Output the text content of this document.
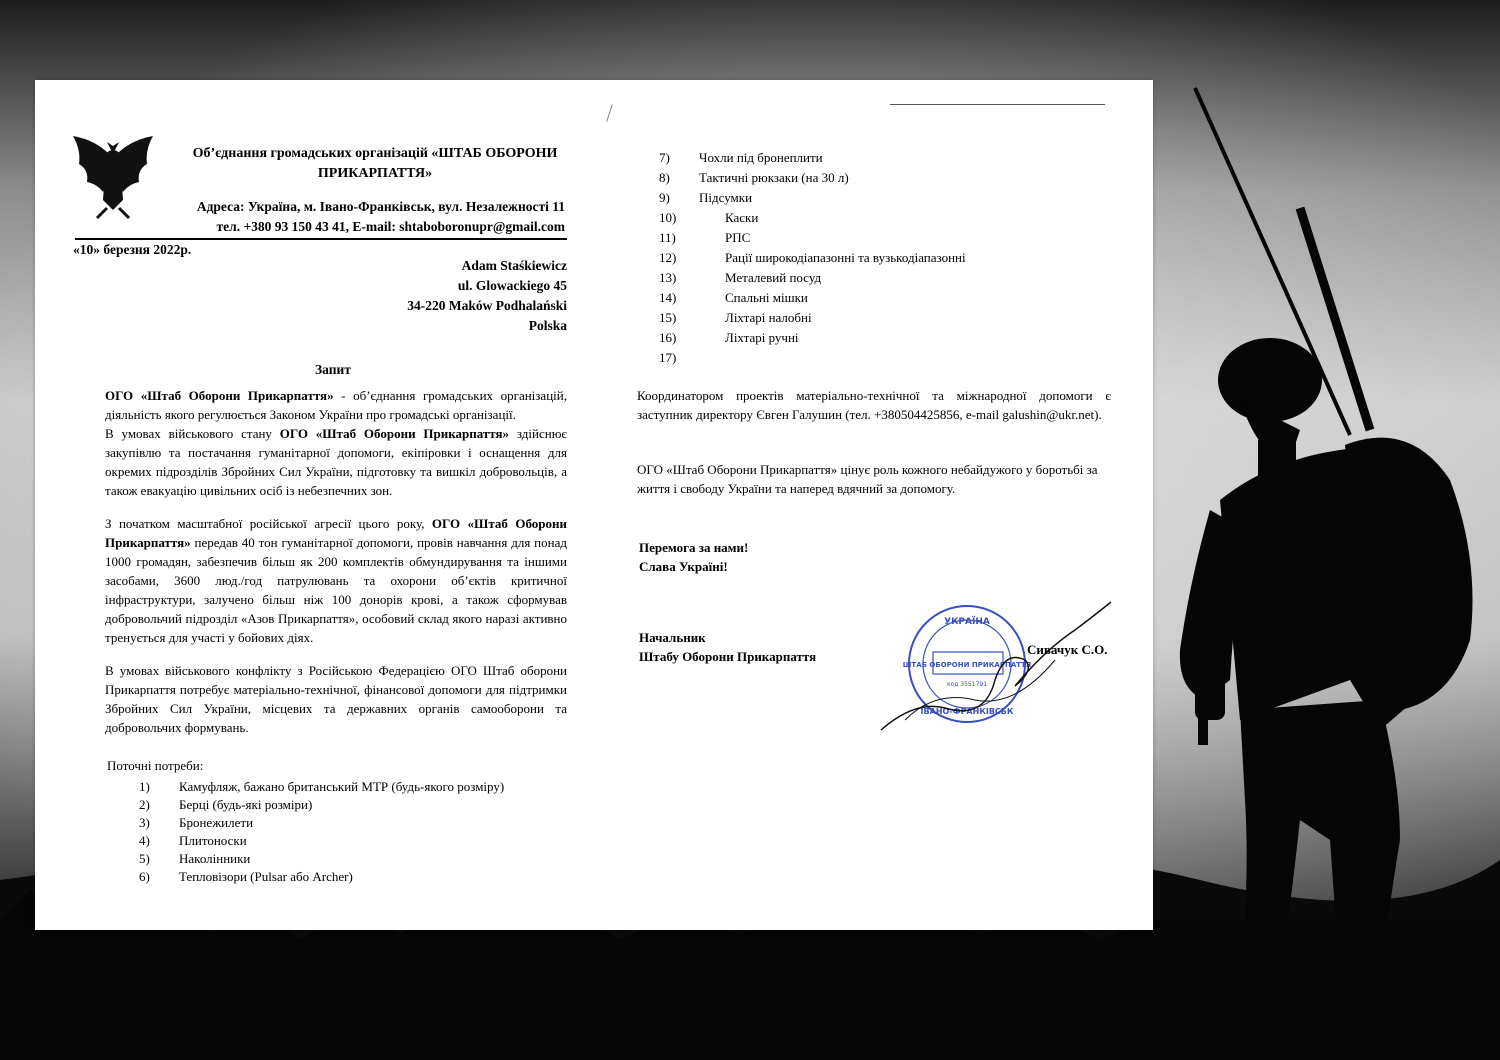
Об’єднання громадських організацій «ШТАБ ОБОРОНИ
ПРИКАРПАТТЯ»
Адреса: Україна, м. Івано-Франківськ, вул. Незалежності 11
тел. +380 93 150 43 41, E-mail: shtaboboronupr@gmail.com
«10» березня 2022р.
Adam Staśkiewicz
ul. Glowackiego 45
34-220 Maków Podhalański
Polska
Запит

ОГО «Штаб Оборони Прикарпаття» - об’єднання громадських організацій, діяльність якого регулюється Законом України про громадські організації.
В умовах військового стану ОГО «Штаб Оборони Прикарпаття» здійснює закупівлю та постачання гуманітарної допомоги, екіпіровки і оснащення для окремих підрозділів Збройних Сил України, підготовку та вишкіл добровольців, а також евакуацію цивільних осіб із небезпечних зон.

З початком масштабної російської агресії цього року, ОГО «Штаб Оборони Прикарпаття» передав 40 тон гуманітарної допомоги, провів навчання для понад 1000 громадян, забезпечив більш як 200 комплектів обмундирування та іншими засобами, 3600 люд./год патрулювань та охорони об’єктів критичної інфраструктури, залучено більш ніж 100 донорів крові, а також сформував добровольчий підрозділ «Азов Прикарпаття», особовий склад якого наразі активно тренується для участі у бойових діях.

В умовах військового конфлікту з Російською Федерацією ОГО Штаб оборони Прикарпаття потребує матеріально-технічної, фінансової допомоги для підтримки Збройних Сил України, місцевих та державних органів самооборони та добровольчих формувань.

Поточні потреби:
1) Камуфляж, бажано британський МТР (будь-якого розміру)
2) Берці (будь-які розміри)
3) Бронежилети
4) Плитоноски
5) Наколінники
6) Тепловізори (Pulsar або Archer)
7) Чохли під бронеплити
8) Тактичні рюкзаки (на 30 л)
9) Підсумки
10)	Каски
11)	РПС
12)	Рації широкодіапазонні та вузькодіапазонні
13)	Металевий посуд
14)	Спальні мішки
15)	Ліхтарі налобні
16)	Ліхтарі ручні
17)
Координатором проектів матеріально-технічної та міжнародної допомоги є заступник директору Євген Галушин (тел. +380504425856, e-mail galushin@ukr.net).
ОГО «Штаб Оборони Прикарпаття» цінує роль кожного небайдужого у боротьбі за життя і свободу України та наперед вдячний за допомогу.
Перемога за нами!
Слава Україні!
Начальник
Штабу Оборони Прикарпаття
УКРАЇНА
ШТАБ ОБОРОНИ ПРИКАРПАТТЯ
код 3551791
ІВАНО-ФРАНКІВСЬК
Сивачук С.О.
